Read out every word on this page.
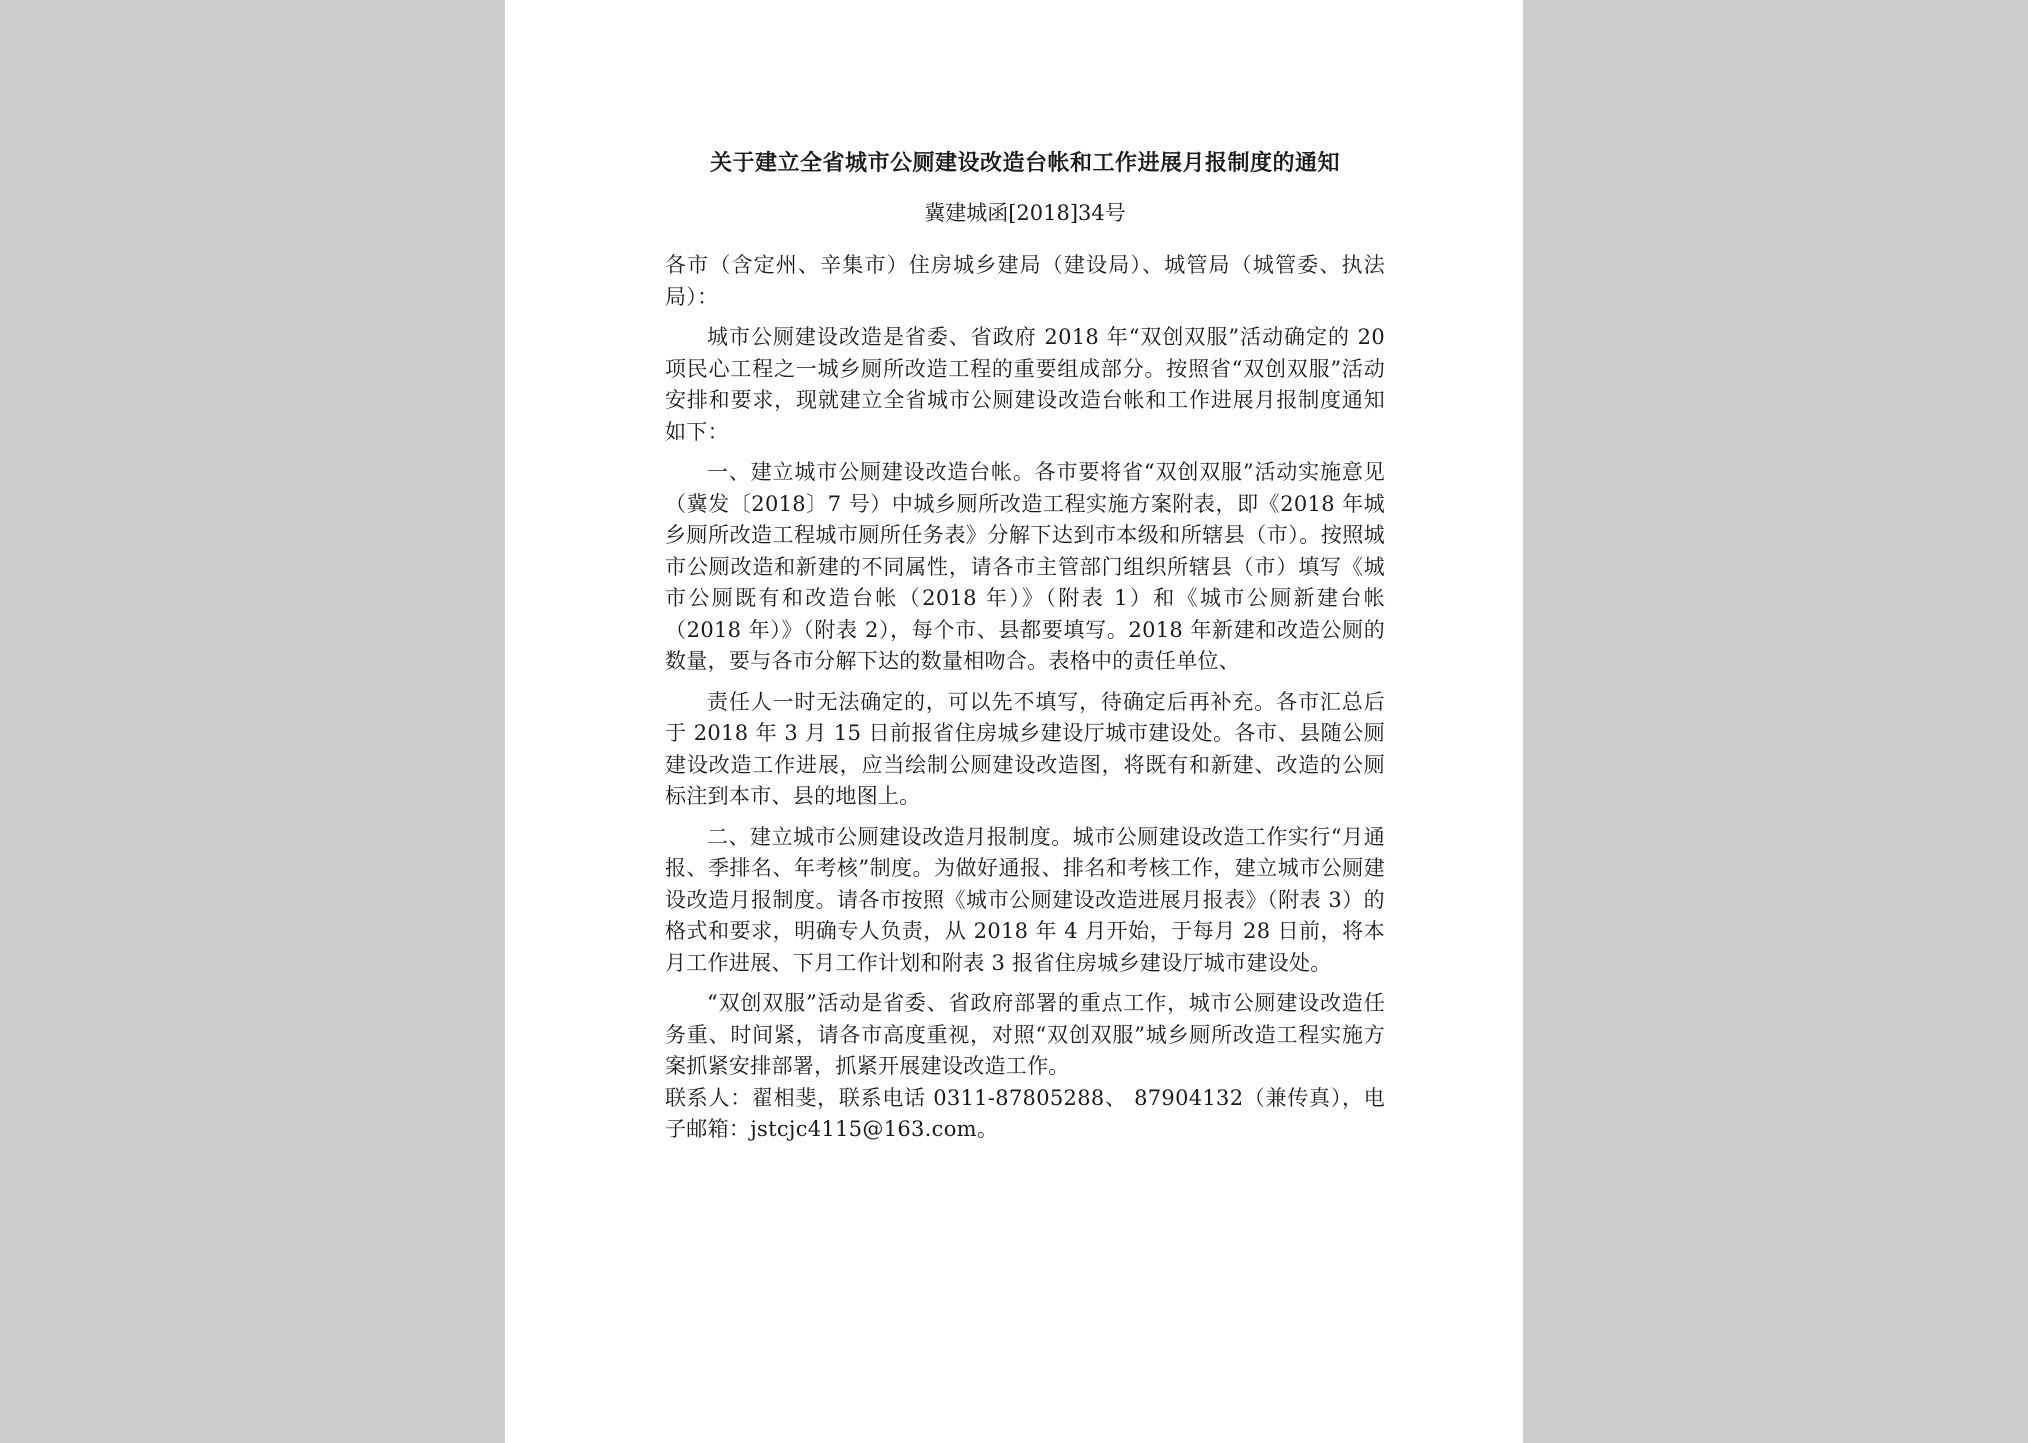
关于建立全省城市公厕建设改造台帐和工作进展月报制度的通知
冀建城函[2018]34号

各市（含定州、辛集市）住房城乡建局（建设局）、城管局（城管委、执法局）：

城市公厕建设改造是省委、省政府 2018 年“双创双服”活动确定的 20 项民心工程之一城乡厕所改造工程的重要组成部分。按照省“双创双服”活动安排和要求，现就建立全省城市公厕建设改造台帐和工作进展月报制度通知如下：

一、建立城市公厕建设改造台帐。各市要将省“双创双服”活动实施意见（冀发〔2018〕7 号）中城乡厕所改造工程实施方案附表，即《2018 年城乡厕所改造工程城市厕所任务表》分解下达到市本级和所辖县（市）。按照城市公厕改造和新建的不同属性，请各市主管部门组织所辖县（市）填写《城市公厕既有和改造台帐（2018 年）》（附表 1）和《城市公厕新建台帐（2018 年）》（附表 2），每个市、县都要填写。2018 年新建和改造公厕的数量，要与各市分解下达的数量相吻合。表格中的责任单位、

责任人一时无法确定的，可以先不填写，待确定后再补充。各市汇总后于 2018 年 3 月 15 日前报省住房城乡建设厅城市建设处。各市、县随公厕建设改造工作进展，应当绘制公厕建设改造图，将既有和新建、改造的公厕标注到本市、县的地图上。

二、建立城市公厕建设改造月报制度。城市公厕建设改造工作实行“月通报、季排名、年考核”制度。为做好通报、排名和考核工作，建立城市公厕建设改造月报制度。请各市按照《城市公厕建设改造进展月报表》（附表 3）的格式和要求，明确专人负责，从 2018 年 4 月开始，于每月 28 日前，将本月工作进展、下月工作计划和附表 3 报省住房城乡建设厅城市建设处。

“双创双服”活动是省委、省政府部署的重点工作，城市公厕建设改造任务重、时间紧，请各市高度重视，对照“双创双服”城乡厕所改造工程实施方案抓紧安排部署，抓紧开展建设改造工作。

联系人：翟相斐，联系电话 0311-87805288、 87904132（兼传真），电子邮箱：jstcjc4115@163.com。
